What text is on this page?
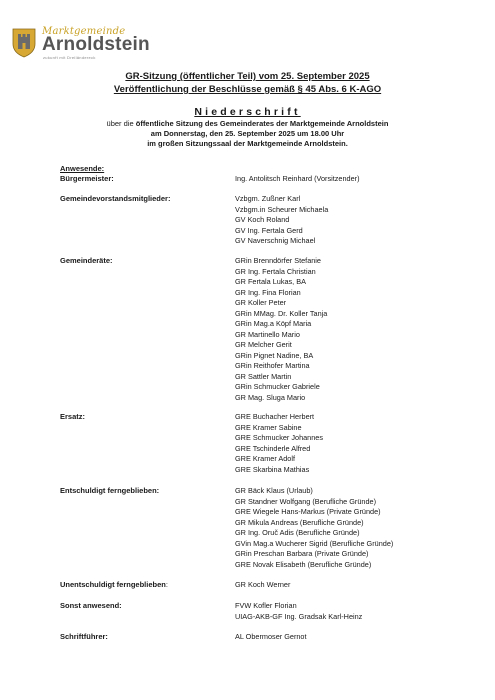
Marktgemeinde
Arnoldstein
zukunft mit Dreiländereck
GR-Sitzung (öffentlicher Teil) vom 25. September 2025
Veröffentlichung der Beschlüsse gemäß § 45 Abs. 6 K-AGO
Niederschrift
über die öffentliche Sitzung des Gemeinderates der Marktgemeinde Arnoldstein
am Donnerstag, den 25. September 2025 um 18.00 Uhr
im großen Sitzungssaal der Marktgemeinde Arnoldstein.
Anwesende:
Bürgermeister:	Ing. Antolitsch Reinhard (Vorsitzender)
Gemeindevorstandsmitglieder:	Vzbgm. Zußner Karl
Vzbgm.in Scheurer Michaela
GV Koch Roland
GV Ing. Fertala Gerd
GV Naverschnig Michael
Gemeinderäte:	GRin Brenndörfer Stefanie
GR Ing. Fertala Christian
GR Fertala Lukas, BA
GR Ing. Fina Florian
GR Koller Peter
GRin MMag. Dr. Koller Tanja
GRin Mag.a Köpf Maria
GR Martinello Mario
GR Melcher Gerit
GRin Pignet Nadine, BA
GRin Reithofer Martina
GR Sattler Martin
GRin Schmucker Gabriele
GR Mag. Sluga Mario
Ersatz:	GRE Buchacher Herbert
GRE Kramer Sabine
GRE Schmucker Johannes
GRE Tschinderle Alfred
GRE Kramer Adolf
GRE Skarbina Mathias
Entschuldigt ferngeblieben:	GR Bäck Klaus (Urlaub)
GR Standner Wolfgang (Berufliche Gründe)
GRE Wiegele Hans-Markus (Private Gründe)
GR Mikula Andreas (Berufliche Gründe)
GR Ing. Oruč Adis (Berufliche Gründe)
GVin Mag.a Wucherer Sigrid (Berufliche Gründe)
GRin Preschan Barbara (Private Gründe)
GRE Novak Elisabeth (Berufliche Gründe)
Unentschuldigt ferngeblieben:	GR Koch Werner
Sonst anwesend:	FVW Kofler Florian
UIAG-AKB-GF Ing. Gradsak Karl-Heinz
Schriftführer:	AL Obermoser Gernot
